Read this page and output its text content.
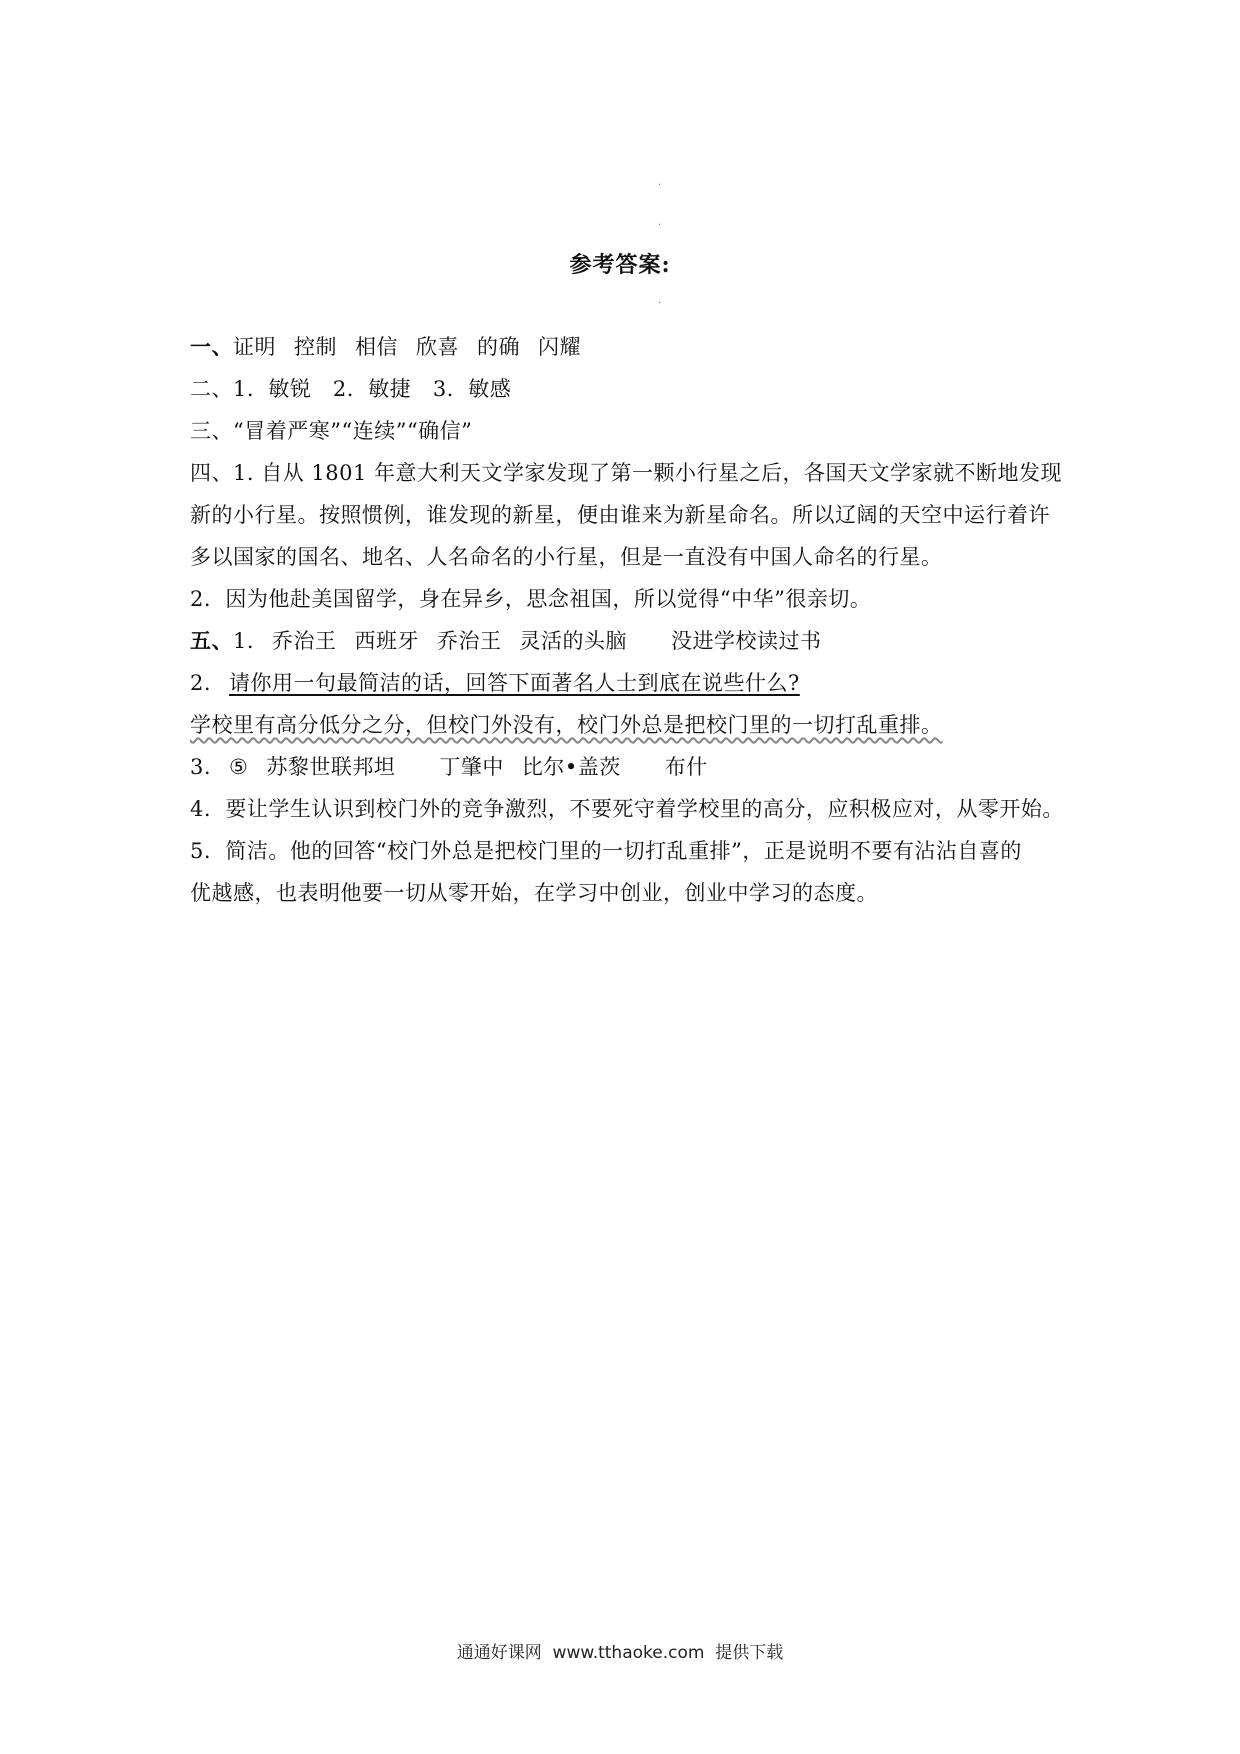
.
.
参考答案:
.
一、证明 控制 相信 欣喜 的确 闪耀
二、1.  敏锐   2.  敏捷   3.  敏感
三、“冒着严寒”“连续”“确信”
四、1. 自从 1801 年意大利天文学家发现了第一颗小行星之后，各国天文学家就不断地发现
新的小行星。按照惯例，谁发现的新星，便由谁来为新星命名。所以辽阔的天空中运行着许
多以国家的国名、地名、人名命名的小行星，但是一直没有中国人命名的行星。
2.  因为他赴美国留学，身在异乡，思念祖国，所以觉得“中华”很亲切。
五、1. 乔治王 西班牙 乔治王 灵活的头脑 没进学校读过书
2. 请你用一句最简洁的话，回答下面著名人士到底在说些什么?
学校里有高分低分之分，但校门外没有，校门外总是把校门里的一切打乱重排。
3. ⑤ 苏黎世联邦坦 丁肇中 比尔•盖茨 布什
4.  要让学生认识到校门外的竞争激烈，不要死守着学校里的高分，应积极应对，从零开始。
5.  简洁。他的回答“校门外总是把校门里的一切打乱重排”，正是说明不要有沾沾自喜的
优越感，也表明他要一切从零开始，在学习中创业，创业中学习的态度。
通通好课网  www.tthaoke.com  提供下载
